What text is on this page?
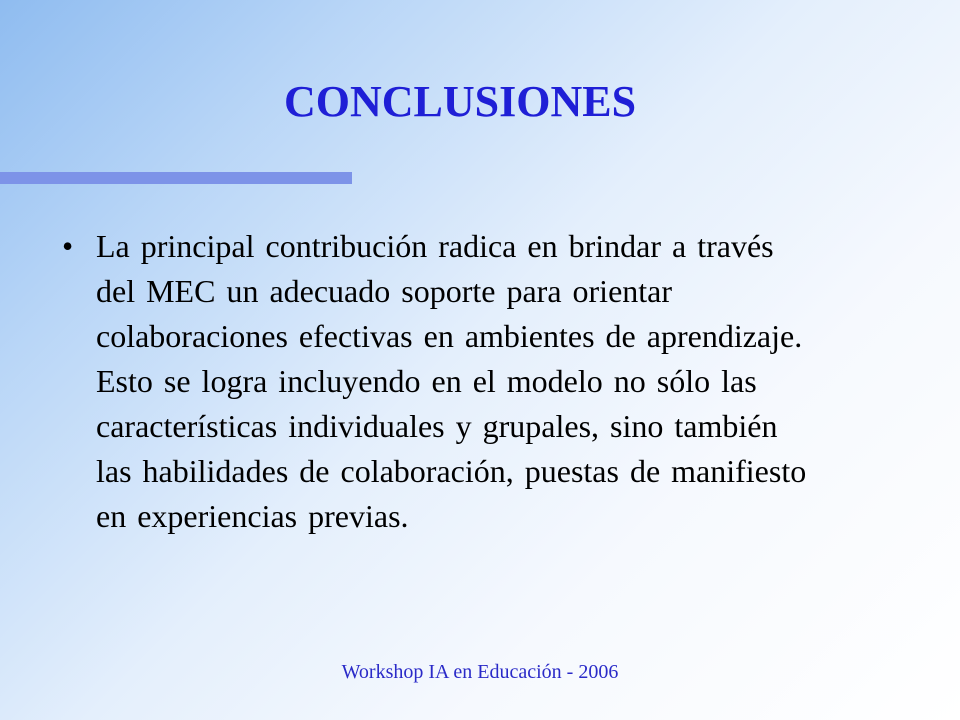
CONCLUSIONES
• La principal contribución radica en brindar a través
del MEC un adecuado soporte para orientar
colaboraciones efectivas en ambientes de aprendizaje.
Esto se logra incluyendo en el modelo no sólo las
características individuales y grupales, sino también
las habilidades de colaboración, puestas de manifiesto
en experiencias previas.

Workshop IA en Educación - 2006
